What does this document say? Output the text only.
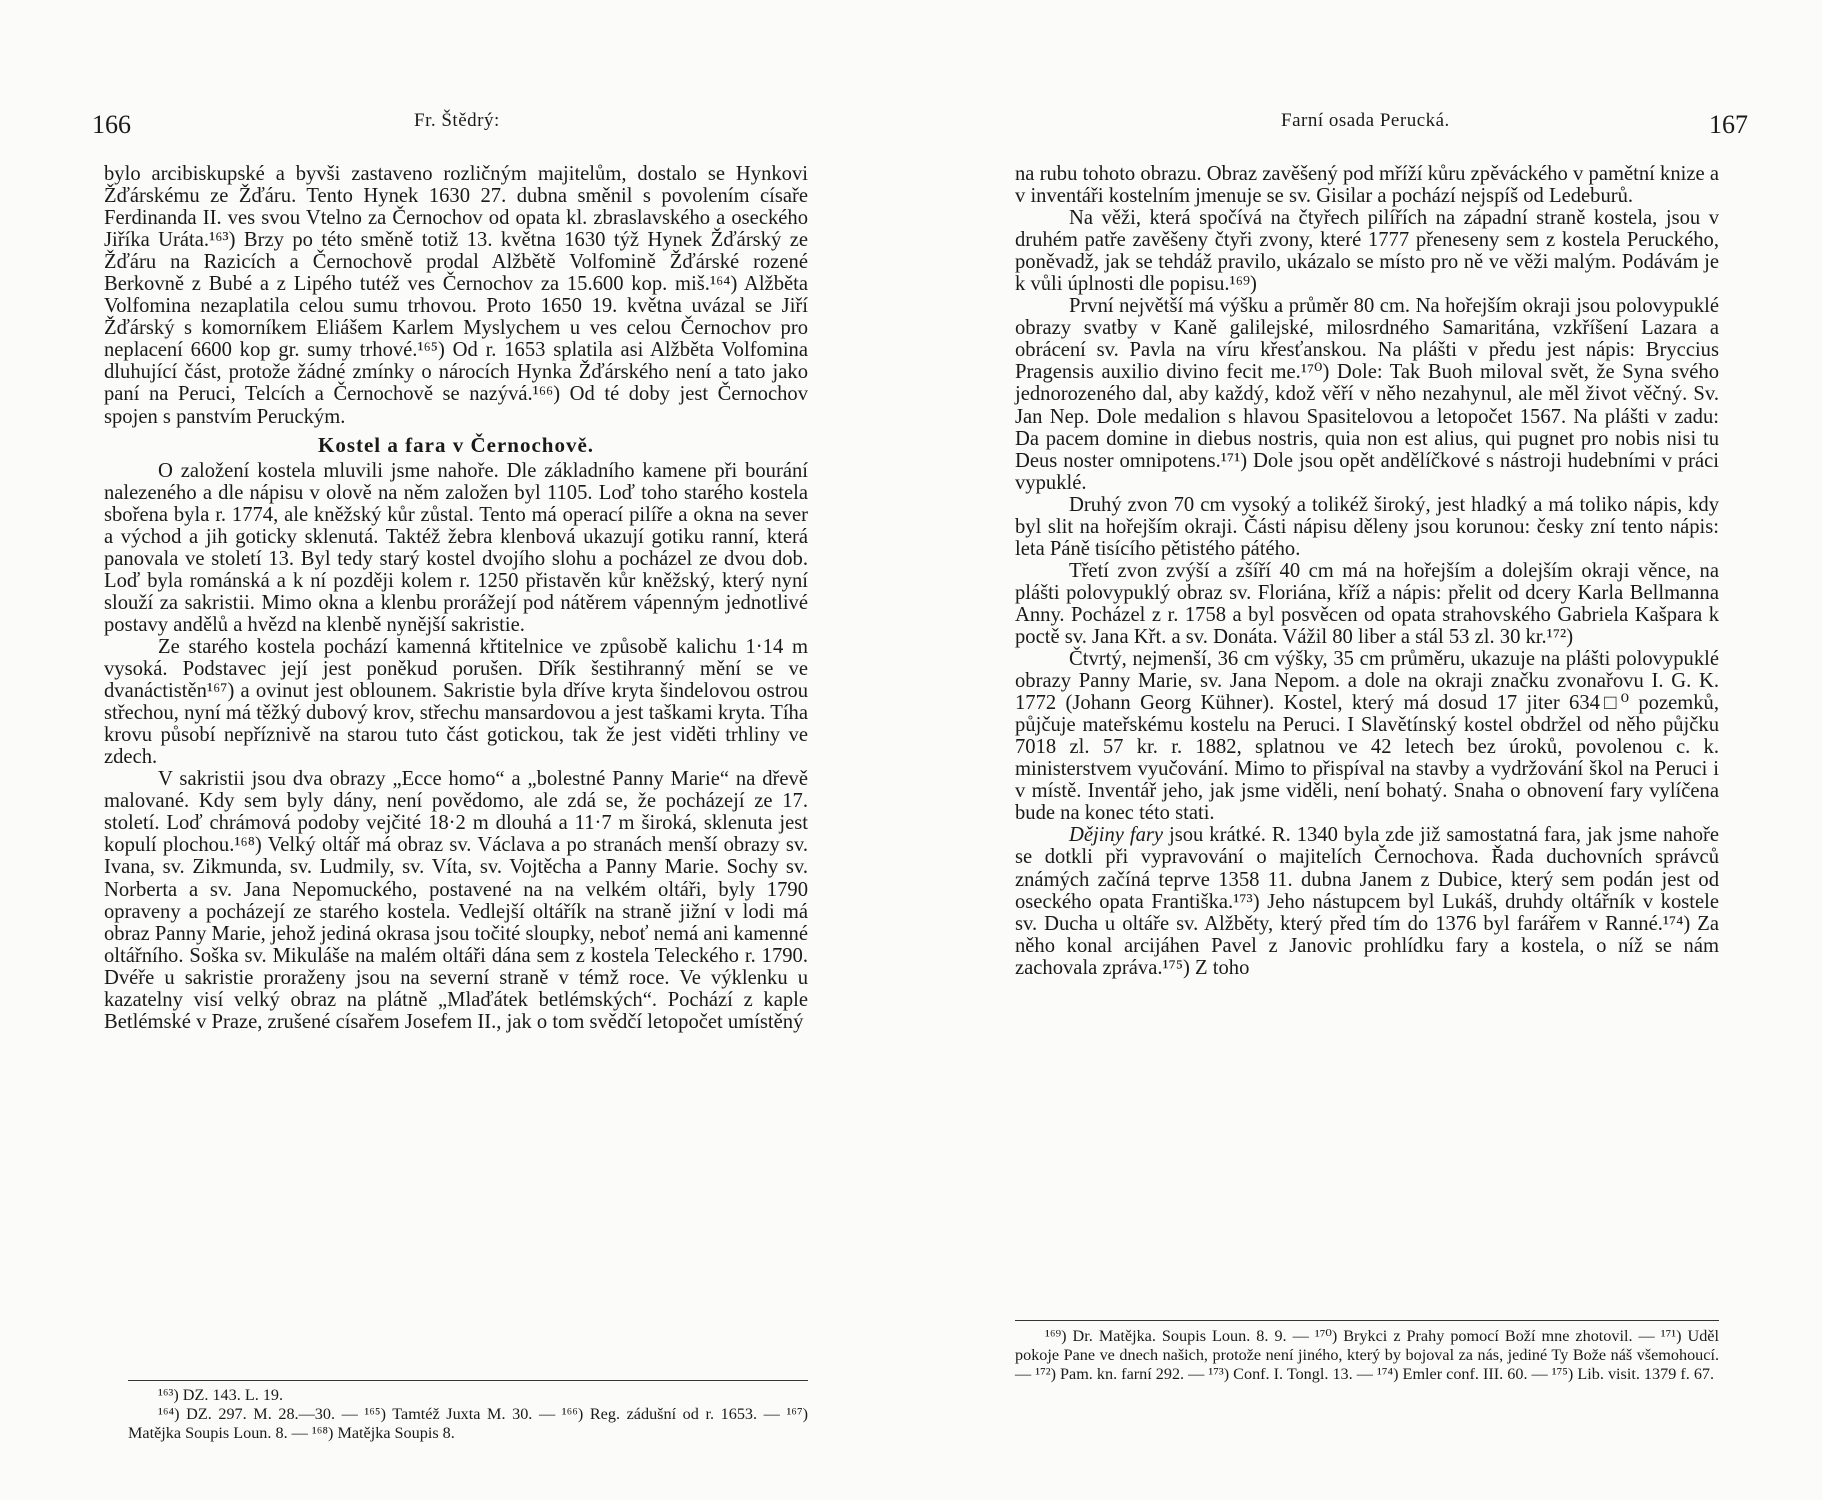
166	Fr. Štědrý:

bylo arcibiskupské a byvši zastaveno rozličným majitelům, dostalo se Hynkovi Žďárskému ze Žďáru. Tento Hynek 1630 27. dubna směnil s povolením císaře Ferdinanda II. ves svou Vtelno za Černochov od opata kl. zbraslavského a oseckého Jiříka Uráta.¹⁶³) Brzy po této směně totiž 13. května 1630 týž Hynek Žďárský ze Žďáru na Razicích a Černochově prodal Alžbětě Volfomině Žďárské rozené Berkovně z Bubé a z Lipého tutéž ves Černochov za 15.600 kop. miš.¹⁶⁴) Alžběta Volfomina nezaplatila celou sumu trhovou. Proto 1650 19. května uvázal se Jiří Žďárský s komorníkem Eliášem Karlem Myslychem u ves celou Černochov pro neplacení 6600 kop gr. sumy trhové.¹⁶⁵) Od r. 1653 splatila asi Alžběta Volfomina dluhující část, protože žádné zmínky o nárocích Hynka Žďárského není a tato jako paní na Peruci, Telcích a Černochově se nazývá.¹⁶⁶) Od té doby jest Černochov spojen s panstvím Peruckým.

Kostel a fara v Černochově.

O založení kostela mluvili jsme nahoře. Dle základního kamene při bourání nalezeného a dle nápisu v olově na něm založen byl 1105. Loď toho starého kostela sbořena byla r. 1774, ale kněžský kůr zůstal. Tento má operací pilíře a okna na sever a východ a jih goticky sklenutá. Taktéž žebra klenbová ukazují gotiku ranní, která panovala ve století 13. Byl tedy starý kostel dvojího slohu a pocházel ze dvou dob. Loď byla románská a k ní později kolem r. 1250 přistavěn kůr kněžský, který nyní slouží za sakristii. Mimo okna a klenbu prorážejí pod nátěrem vápenným jednotlivé postavy andělů a hvězd na klenbě nynější sakristie.

Ze starého kostela pochází kamenná křtitelnice ve způsobě kalichu 1·14 m vysoká. Podstavec její jest poněkud porušen. Dřík šestihranný mění se ve dvanáctistěn¹⁶⁷) a ovinut jest oblounem. Sakristie byla dříve kryta šindelovou ostrou střechou, nyní má těžký dubový krov, střechu mansardovou a jest taškami kryta. Tíha krovu působí nepříznivě na starou tuto část gotickou, tak že jest viděti trhliny ve zdech.

V sakristii jsou dva obrazy „Ecce homo“ a „bolestné Panny Marie“ na dřevě malované. Kdy sem byly dány, není povědomo, ale zdá se, že pocházejí ze 17. století. Loď chrámová podoby vejčité 18·2 m dlouhá a 11·7 m široká, sklenuta jest kopulí plochou.¹⁶⁸) Velký oltář má obraz sv. Václava a po stranách menší obrazy sv. Ivana, sv. Zikmunda, sv. Ludmily, sv. Víta, sv. Vojtěcha a Panny Marie. Sochy sv. Norberta a sv. Jana Nepomuckého, postavené na na velkém oltáři, byly 1790 opraveny a pocházejí ze starého kostela. Vedlejší oltářík na straně jižní v lodi má obraz Panny Marie, jehož jediná okrasa jsou točité sloupky, neboť nemá ani kamenné oltářního. Soška sv. Mikuláše na malém oltáři dána sem z kostela Teleckého r. 1790. Dvéře u sakristie proraženy jsou na severní straně v témž roce. Ve výklenku u kazatelny visí velký obraz na plátně „Mlaďátek betlémských“. Pochází z kaple Betlémské v Praze, zrušené císařem Josefem II., jak o tom svědčí letopočet umístěný

¹⁶³) DZ. 143. L. 19.

¹⁶⁴) DZ. 297. M. 28.—30. — ¹⁶⁵) Tamtéž Juxta M. 30. — ¹⁶⁶) Reg. zádušní od r. 1653. — ¹⁶⁷) Matějka Soupis Loun. 8. — ¹⁶⁸) Matějka Soupis 8.

Farní osada Perucká.	167

na rubu tohoto obrazu. Obraz zavěšený pod mříží kůru zpěváckého v pamětní knize a v inventáři kostelním jmenuje se sv. Gisilar a pochází nejspíš od Ledeburů.

Na věži, která spočívá na čtyřech pilířích na západní straně kostela, jsou v druhém patře zavěšeny čtyři zvony, které 1777 přeneseny sem z kostela Peruckého, poněvadž, jak se tehdáž pravilo, ukázalo se místo pro ně ve věži malým. Podávám je k vůli úplnosti dle popisu.¹⁶⁹)

První největší má výšku a průměr 80 cm. Na hořejším okraji jsou polovypuklé obrazy svatby v Kaně galilejské, milosrdného Samaritána, vzkříšení Lazara a obrácení sv. Pavla na víru křesťanskou. Na plášti v předu jest nápis: Bryccius Pragensis auxilio divino fecit me.¹⁷⁰) Dole: Tak Buoh miloval svět, že Syna svého jednorozeného dal, aby každý, kdož věří v něho nezahynul, ale měl život věčný. Sv. Jan Nep. Dole medalion s hlavou Spasitelovou a letopočet 1567. Na plášti v zadu: Da pacem domine in diebus nostris, quia non est alius, qui pugnet pro nobis nisi tu Deus noster omnipotens.¹⁷¹) Dole jsou opět andělíčkové s nástroji hudebními v práci vypuklé.

Druhý zvon 70 cm vysoký a tolikéž široký, jest hladký a má toliko nápis, kdy byl slit na hořejším okraji. Části nápisu děleny jsou korunou: česky zní tento nápis: leta Páně tisícího pětistého pátého.

Třetí zvon zvýší a zšíří 40 cm má na hořejším a dolejším okraji věnce, na plášti polovypuklý obraz sv. Floriána, kříž a nápis: přelit od dcery Karla Bellmanna Anny. Pocházel z r. 1758 a byl posvěcen od opata strahovského Gabriela Kašpara k poctě sv. Jana Křt. a sv. Donáta. Vážil 80 liber a stál 53 zl. 30 kr.¹⁷²)

Čtvrtý, nejmenší, 36 cm výšky, 35 cm průměru, ukazuje na plášti polovypuklé obrazy Panny Marie, sv. Jana Nepom. a dole na okraji značku zvonařovu I. G. K. 1772 (Johann Georg Kühner). Kostel, který má dosud 17 jiter 634□⁰ pozemků, půjčuje mateřskému kostelu na Peruci. I Slavětínský kostel obdržel od něho půjčku 7018 zl. 57 kr. r. 1882, splatnou ve 42 letech bez úroků, povolenou c. k. ministerstvem vyučování. Mimo to přispíval na stavby a vydržování škol na Peruci i v místě. Inventář jeho, jak jsme viděli, není bohatý. Snaha o obnovení fary vylíčena bude na konec této stati.

Dějiny fary jsou krátké. R. 1340 byla zde již samostatná fara, jak jsme nahoře se dotkli při vypravování o majitelích Černochova. Řada duchovních správců známých začíná teprve 1358 11. dubna Janem z Dubice, který sem podán jest od oseckého opata Františka.¹⁷³) Jeho nástupcem byl Lukáš, druhdy oltářník v kostele sv. Ducha u oltáře sv. Alžběty, který před tím do 1376 byl farářem v Ranné.¹⁷⁴) Za něho konal arcijáhen Pavel z Janovic prohlídku fary a kostela, o níž se nám zachovala zpráva.¹⁷⁵) Z toho

¹⁶⁹) Dr. Matějka. Soupis Loun. 8. 9. — ¹⁷⁰) Brykci z Prahy pomocí Boží mne zhotovil. — ¹⁷¹) Uděl pokoje Pane ve dnech našich, protože není jiného, který by bojoval za nás, jediné Ty Bože náš všemohoucí. — ¹⁷²) Pam. kn. farní 292. — ¹⁷³) Conf. I. Tongl. 13. — ¹⁷⁴) Emler conf. III. 60. — ¹⁷⁵) Lib. visit. 1379 f. 67.
